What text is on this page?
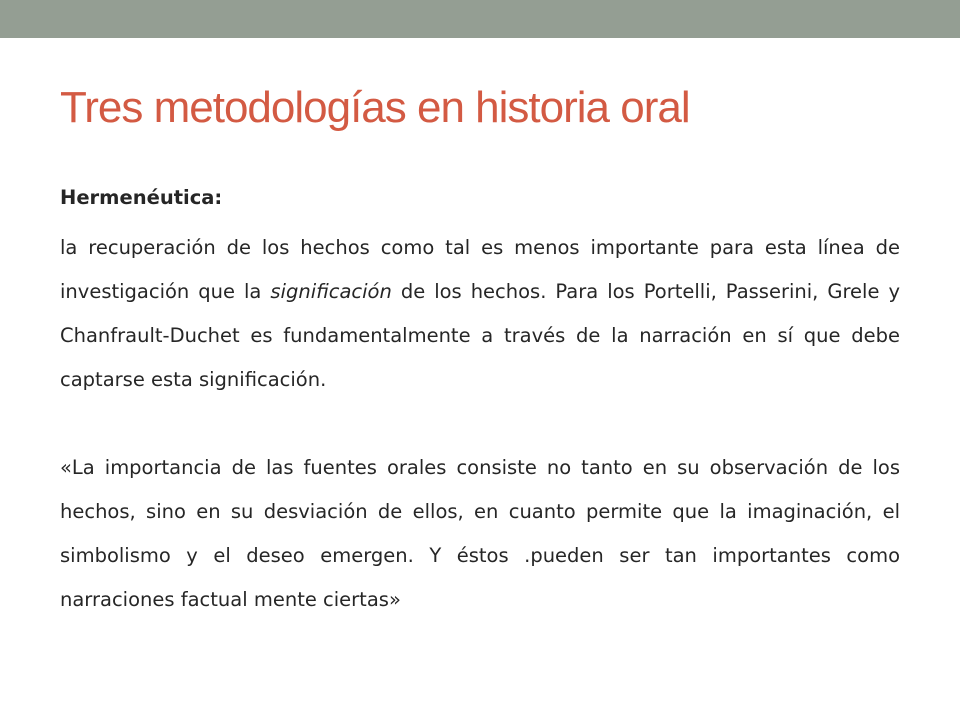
Tres metodologías en historia oral

Hermenéutica:

la recuperación de los hechos como tal es menos importante para esta línea de investigación que la significación de los hechos. Para los Portelli, Passerini, Grele y Chanfrault-Duchet es fundamentalmente a través de la narración en sí que debe captarse esta significación.

«La importancia de las fuentes orales consiste no tanto en su observación de los hechos, sino en su desviación de ellos, en cuanto permite que la imaginación, el simbolismo y el deseo emergen. Y éstos .pueden ser tan importantes como narraciones factual mente ciertas»
